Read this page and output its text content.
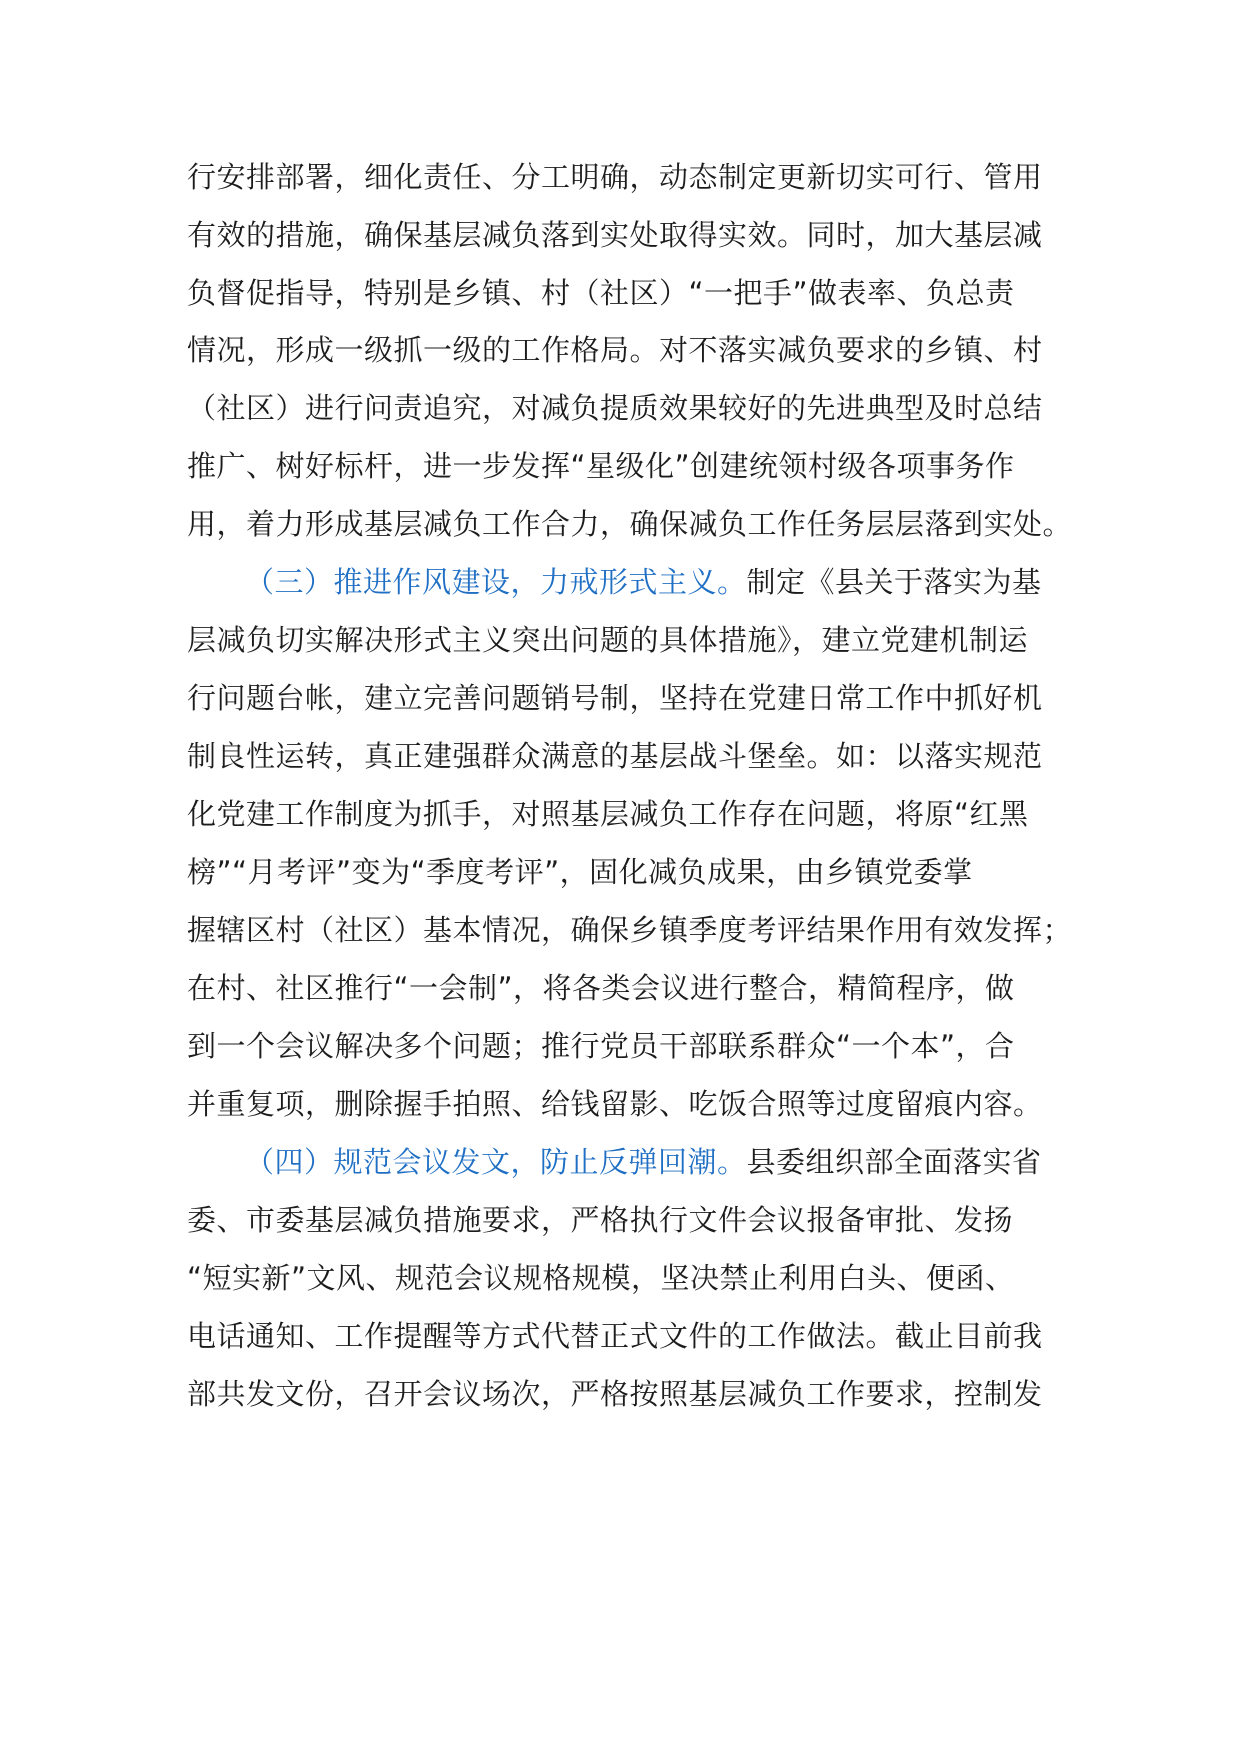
行安排部署，细化责任、分工明确，动态制定更新切实可行、管用
有效的措施，确保基层减负落到实处取得实效。同时，加大基层减
负督促指导，特别是乡镇、村（社区）“一把手”做表率、负总责
情况，形成一级抓一级的工作格局。对不落实减负要求的乡镇、村
（社区）进行问责追究，对减负提质效果较好的先进典型及时总结
推广、树好标杆，进一步发挥“星级化”创建统领村级各项事务作
用，着力形成基层减负工作合力，确保减负工作任务层层落到实处。
（三）推进作风建设，力戒形式主义。制定《县关于落实为基
层减负切实解决形式主义突出问题的具体措施》，建立党建机制运
行问题台帐，建立完善问题销号制，坚持在党建日常工作中抓好机
制良性运转，真正建强群众满意的基层战斗堡垒。如：以落实规范
化党建工作制度为抓手，对照基层减负工作存在问题，将原“红黑
榜”“月考评”变为“季度考评”，固化减负成果，由乡镇党委掌
握辖区村（社区）基本情况，确保乡镇季度考评结果作用有效发挥；
在村、社区推行“一会制”，将各类会议进行整合，精简程序，做
到一个会议解决多个问题；推行党员干部联系群众“一个本”，合
并重复项，删除握手拍照、给钱留影、吃饭合照等过度留痕内容。
（四）规范会议发文，防止反弹回潮。县委组织部全面落实省
委、市委基层减负措施要求，严格执行文件会议报备审批、发扬
“短实新”文风、规范会议规格规模，坚决禁止利用白头、便函、
电话通知、工作提醒等方式代替正式文件的工作做法。截止目前我
部共发文份，召开会议场次，严格按照基层减负工作要求，控制发
